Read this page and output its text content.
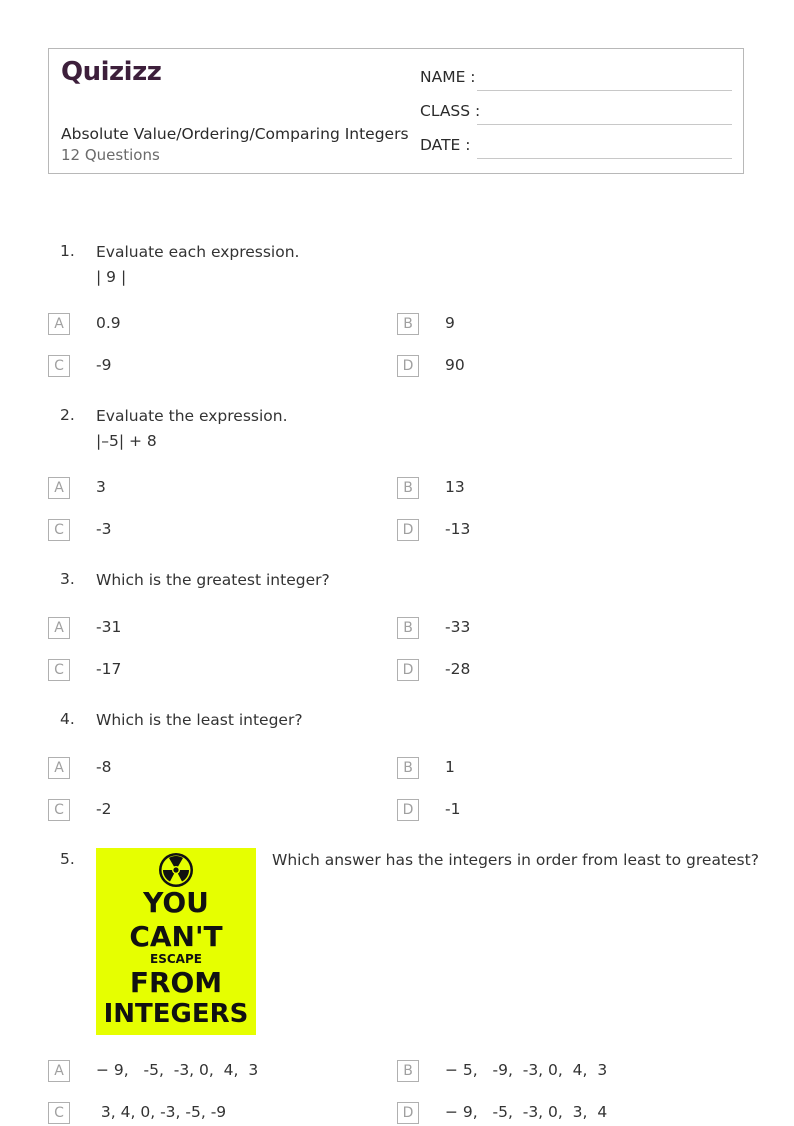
Quizizz
Absolute Value/Ordering/Comparing Integers
12 Questions
NAME :
CLASS :
DATE :
1. Evaluate each expression.
| 9 |
A	0.9	B	9
C	-9	D	90
2. Evaluate the expression.
|–5| + 8
A	3	B	13
C	-3	D	-13
3. Which is the greatest integer?
A	-31	B	-33
C	-17	D	-28
4. Which is the least integer?
A	-8	B	1
C	-2	D	-1
5.
YOU
CAN'T
ESCAPE
FROM
INTEGERS
Which answer has the integers in order from least to greatest?
A	− 9,   -5,  -3, 0,  4,  3	B	− 5,   -9,  -3, 0,  4,  3
C	3, 4, 0, -3, -5, -9	D	− 9,   -5,  -3, 0,  3,  4
